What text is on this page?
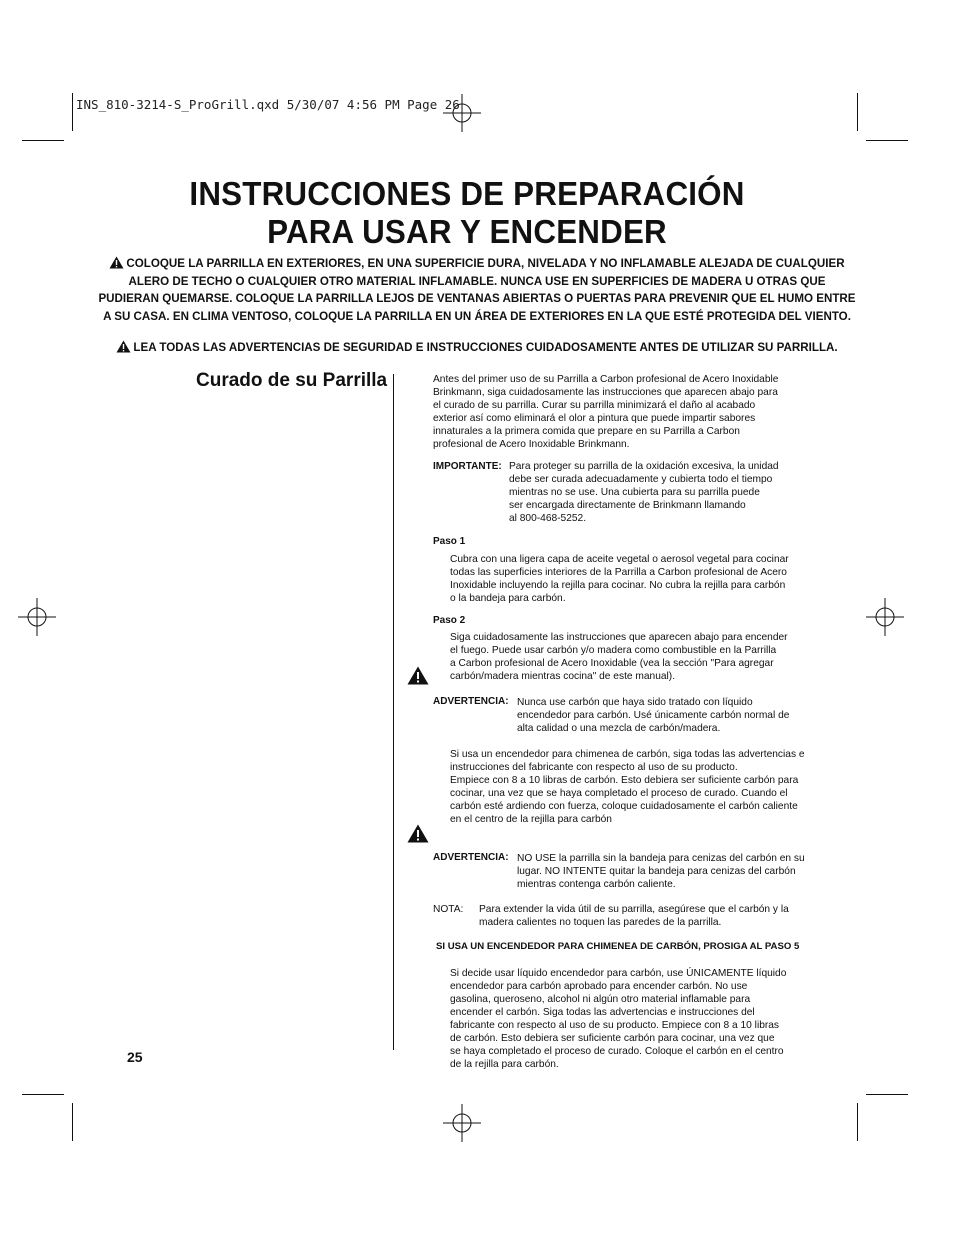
INS_810-3214-S_ProGrill.qxd 5/30/07 4:56 PM Page 26
INSTRUCCIONES DE PREPARACIÓN
PARA USAR Y ENCENDER
COLOQUE LA PARRILLA EN EXTERIORES, EN UNA SUPERFICIE DURA, NIVELADA Y NO INFLAMABLE ALEJADA DE CUALQUIER
ALERO DE TECHO O CUALQUIER OTRO MATERIAL INFLAMABLE. NUNCA USE EN SUPERFICIES DE MADERA U OTRAS QUE
PUDIERAN QUEMARSE. COLOQUE LA PARRILLA LEJOS DE VENTANAS ABIERTAS O PUERTAS PARA PREVENIR QUE EL HUMO ENTRE
A SU CASA. EN CLIMA VENTOSO, COLOQUE LA PARRILLA EN UN ÁREA DE EXTERIORES EN LA QUE ESTÉ PROTEGIDA DEL VIENTO.
LEA TODAS LAS ADVERTENCIAS DE SEGURIDAD E INSTRUCCIONES CUIDADOSAMENTE ANTES DE UTILIZAR SU PARRILLA.
Curado de su Parrilla	Antes del primer uso de su Parrilla a Carbon profesional de Acero Inoxidable
Brinkmann, siga cuidadosamente las instrucciones que aparecen abajo para
el curado de su parrilla. Curar su parrilla minimizará el daño al acabado
exterior así como eliminará el olor a pintura que puede impartir sabores
innaturales a la primera comida que prepare en su Parrilla a Carbon
profesional de Acero Inoxidable Brinkmann.
IMPORTANTE: Para proteger su parrilla de la oxidación excesiva, la unidad
debe ser curada adecuadamente y cubierta todo el tiempo
mientras no se use. Una cubierta para su parrilla puede
ser encargada directamente de Brinkmann llamando
al 800-468-5252.
Paso 1
Cubra con una ligera capa de aceite vegetal o aerosol vegetal para cocinar
todas las superficies interiores de la Parrilla a Carbon profesional de Acero
Inoxidable incluyendo la rejilla para cocinar. No cubra la rejilla para carbón
o la bandeja para carbón.
Paso 2
Siga cuidadosamente las instrucciones que aparecen abajo para encender
el fuego. Puede usar carbón y/o madera como combustible en la Parrilla
a Carbon profesional de Acero Inoxidable (vea la sección "Para agregar
carbón/madera mientras cocina" de este manual).
ADVERTENCIA: Nunca use carbón que haya sido tratado con líquido
encendedor para carbón. Usé únicamente carbón normal de
alta calidad o una mezcla de carbón/madera.
Si usa un encendedor para chimenea de carbón, siga todas las advertencias e
instrucciones del fabricante con respecto al uso de su producto.
Empiece con 8 a 10 libras de carbón. Esto debiera ser suficiente carbón para
cocinar, una vez que se haya completado el proceso de curado. Cuando el
carbón esté ardiendo con fuerza, coloque cuidadosamente el carbón caliente
en el centro de la rejilla para carbón
ADVERTENCIA: NO USE la parrilla sin la bandeja para cenizas del carbón en su
lugar. NO INTENTE quitar la bandeja para cenizas del carbón
mientras contenga carbón caliente.
NOTA: Para extender la vida útil de su parrilla, asegúrese que el carbón y la
madera calientes no toquen las paredes de la parrilla.
SI USA UN ENCENDEDOR PARA CHIMENEA DE CARBÓN, PROSIGA AL PASO 5
Si decide usar líquido encendedor para carbón, use ÚNICAMENTE líquido
encendedor para carbón aprobado para encender carbón. No use
gasolina, queroseno, alcohol ni algún otro material inflamable para
encender el carbón. Siga todas las advertencias e instrucciones del
fabricante con respecto al uso de su producto. Empiece con 8 a 10 libras
de carbón. Esto debiera ser suficiente carbón para cocinar, una vez que
se haya completado el proceso de curado. Coloque el carbón en el centro
de la rejilla para carbón.
25
